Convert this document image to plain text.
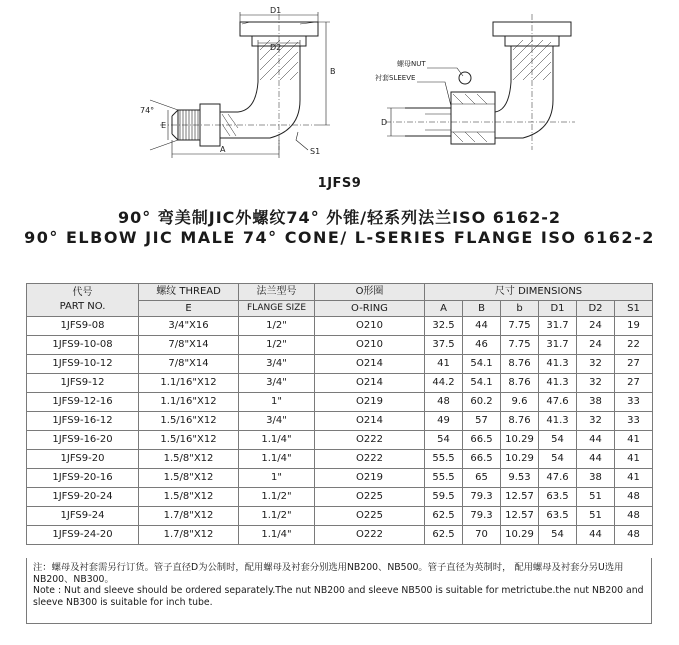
D1
D2
B
A
E
74°
S1
螺母NUT
衬套SLEEVE
D
1JFS9
90° 弯美制JIC外螺纹74° 外锥/轻系列法兰ISO 6162-2
90° ELBOW JIC MALE 74° CONE/ L-SERIES FLANGE ISO 6162-2
代号
PART NO.	螺纹 THREAD	法兰型号	O形圈	尺寸 DIMENSIONS					
	E	FLANGE SIZE	O-RING	A	B	b	D1	D2	S1
1JFS9-08	3/4"X16	1/2"	O210	32.5	44	7.75	31.7	24	19
1JFS9-10-08	7/8"X14	1/2"	O210	37.5	46	7.75	31.7	24	22
1JFS9-10-12	7/8"X14	3/4"	O214	41	54.1	8.76	41.3	32	27
1JFS9-12	1.1/16"X12	3/4"	O214	44.2	54.1	8.76	41.3	32	27
1JFS9-12-16	1.1/16"X12	1"	O219	48	60.2	9.6	47.6	38	33
1JFS9-16-12	1.5/16"X12	3/4"	O214	49	57	8.76	41.3	32	33
1JFS9-16-20	1.5/16"X12	1.1/4"	O222	54	66.5	10.29	54	44	41
1JFS9-20	1.5/8"X12	1.1/4"	O222	55.5	66.5	10.29	54	44	41
1JFS9-20-16	1.5/8"X12	1"	O219	55.5	65	9.53	47.6	38	41
1JFS9-20-24	1.5/8"X12	1.1/2"	O225	59.5	79.3	12.57	63.5	51	48
1JFS9-24	1.7/8"X12	1.1/2"	O225	62.5	79.3	12.57	63.5	51	48
1JFS9-24-20	1.7/8"X12	1.1/4"	O222	62.5	70	10.29	54	44	48
注：螺母及衬套需另行订货。管子直径D为公制时，配用螺母及衬套分别选用NB200、NB500。管子直径为英制时， 配用螺母及衬套分另U选用NB200、NB300。
Note : Nut and sleeve should be ordered separately.The nut NB200 and sleeve NB500 is suitable for metrictube.the nut NB200 and sleeve NB300 is suitable for inch tube.
